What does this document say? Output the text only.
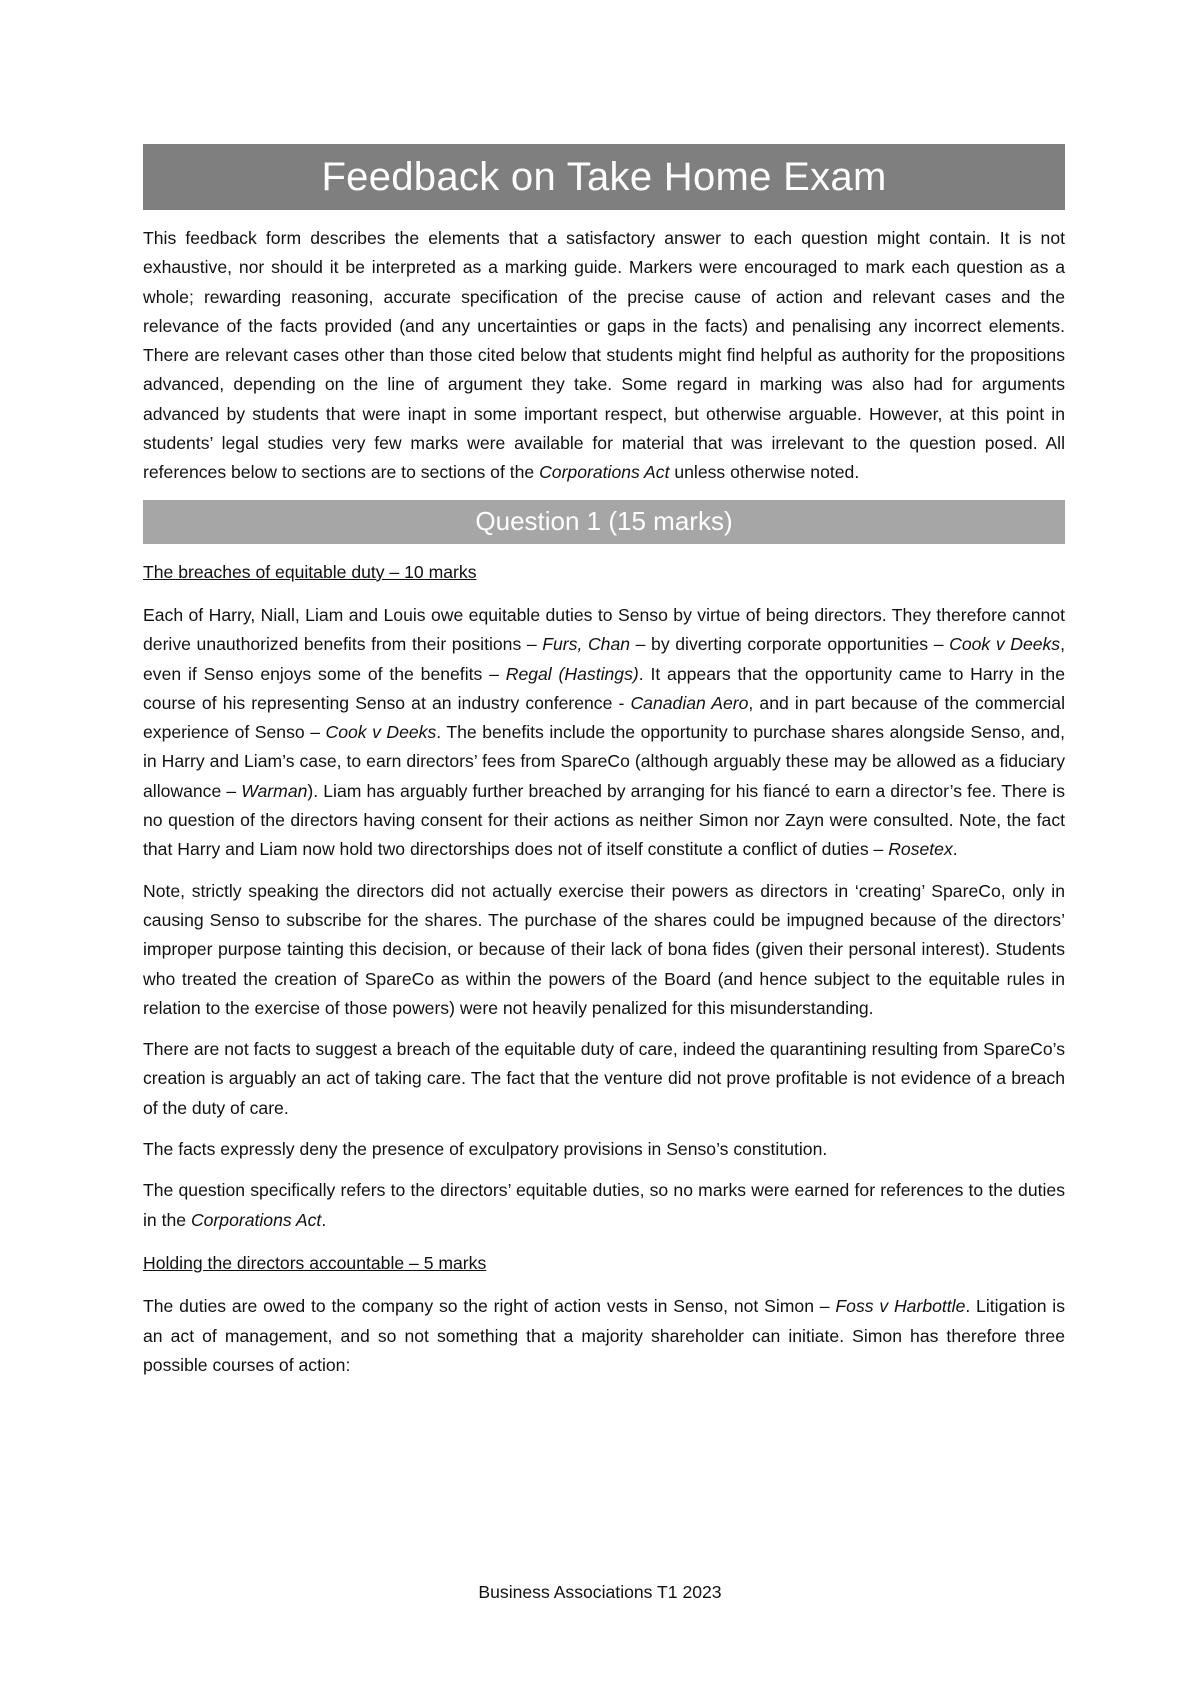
Feedback on Take Home Exam

This feedback form describes the elements that a satisfactory answer to each question might contain. It is not exhaustive, nor should it be interpreted as a marking guide. Markers were encouraged to mark each question as a whole; rewarding reasoning, accurate specification of the precise cause of action and relevant cases and the relevance of the facts provided (and any uncertainties or gaps in the facts) and penalising any incorrect elements. There are relevant cases other than those cited below that students might find helpful as authority for the propositions advanced, depending on the line of argument they take. Some regard in marking was also had for arguments advanced by students that were inapt in some important respect, but otherwise arguable. However, at this point in students’ legal studies very few marks were available for material that was irrelevant to the question posed. All references below to sections are to sections of the Corporations Act unless otherwise noted.

Question 1 (15 marks)
The breaches of equitable duty – 10 marks

Each of Harry, Niall, Liam and Louis owe equitable duties to Senso by virtue of being directors. They therefore cannot derive unauthorized benefits from their positions – Furs, Chan – by diverting corporate opportunities – Cook v Deeks, even if Senso enjoys some of the benefits – Regal (Hastings). It appears that the opportunity came to Harry in the course of his representing Senso at an industry conference - Canadian Aero, and in part because of the commercial experience of Senso – Cook v Deeks. The benefits include the opportunity to purchase shares alongside Senso, and, in Harry and Liam’s case, to earn directors’ fees from SpareCo (although arguably these may be allowed as a fiduciary allowance – Warman). Liam has arguably further breached by arranging for his fiancé to earn a director’s fee. There is no question of the directors having consent for their actions as neither Simon nor Zayn were consulted. Note, the fact that Harry and Liam now hold two directorships does not of itself constitute a conflict of duties – Rosetex.

Note, strictly speaking the directors did not actually exercise their powers as directors in ‘creating’ SpareCo, only in causing Senso to subscribe for the shares. The purchase of the shares could be impugned because of the directors’ improper purpose tainting this decision, or because of their lack of bona fides (given their personal interest). Students who treated the creation of SpareCo as within the powers of the Board (and hence subject to the equitable rules in relation to the exercise of those powers) were not heavily penalized for this misunderstanding.

There are not facts to suggest a breach of the equitable duty of care, indeed the quarantining resulting from SpareCo’s creation is arguably an act of taking care. The fact that the venture did not prove profitable is not evidence of a breach of the duty of care.

The facts expressly deny the presence of exculpatory provisions in Senso’s constitution.

The question specifically refers to the directors’ equitable duties, so no marks were earned for references to the duties in the Corporations Act.

Holding the directors accountable – 5 marks

The duties are owed to the company so the right of action vests in Senso, not Simon – Foss v Harbottle. Litigation is an act of management, and so not something that a majority shareholder can initiate. Simon has therefore three possible courses of action:

Business Associations T1 2023
